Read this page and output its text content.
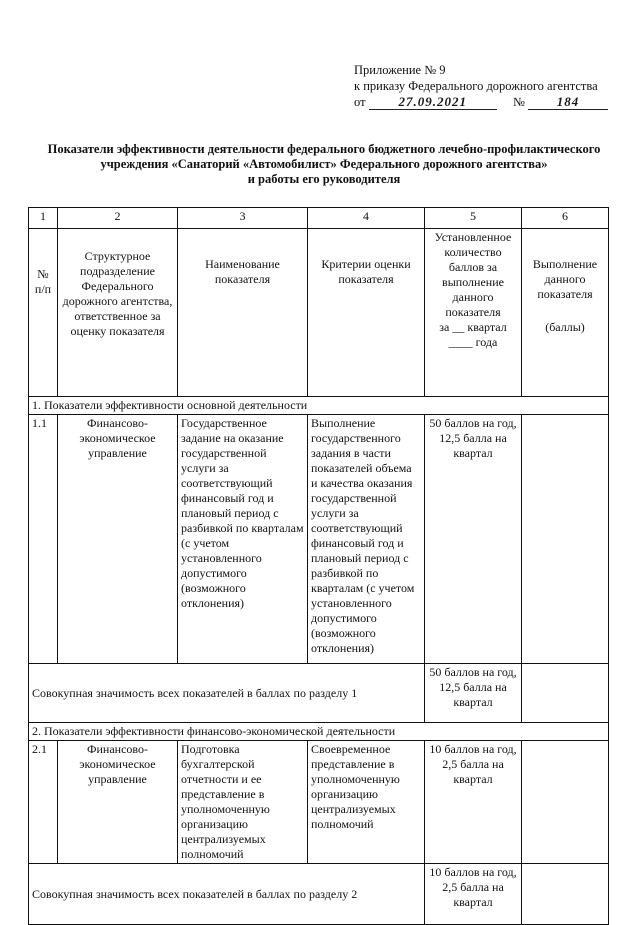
Приложение № 9
к приказу Федерального дорожного агентства
от	27.09.2021	№ 184
Показатели эффективности деятельности федерального бюджетного лечебно-профилактического
учреждения «Санаторий «Автомобилист» Федерального дорожного агентства»
и работы его руководителя
1	2	3	4	5	6

№ п/п	Структурное подразделение Федерального дорожного агентства, ответственное за оценку показателя	Наименование показателя	Критерии оценки показателя	Установленное количество баллов за выполнение данного показателя
за __ квартал
____ года	Выполнение данного показателя
(баллы)

1. Показатели эффективности основной деятельности					
1.1	Финансово-экономическое управление	Государственное задание на оказание государственной услуги за соответствующий финансовый год и плановый период с разбивкой по кварталам (с учетом установленного допустимого (возможного отклонения)	Выполнение государственного задания в части показателей объема и качества оказания государственной услуги за соответствующий финансовый год и плановый период с разбивкой по кварталам (с учетом установленного допустимого (возможного отклонения)	50 баллов на год,
12,5 балла на квартал	

Совокупная значимость всех показателей в баллах по разделу 1				50 баллов на год,
12,5 балла на квартал	

2. Показатели эффективности финансово-экономической деятельности					
2.1	Финансово-экономическое управление	Подготовка бухгалтерской отчетности и ее представление в уполномоченную организацию централизуемых полномочий	Своевременное представление в уполномоченную организацию централизуемых полномочий	10 баллов на год,
2,5 балла на квартал	

Совокупная значимость всех показателей в баллах по разделу 2				10 баллов на год,
2,5 балла на квартал	
